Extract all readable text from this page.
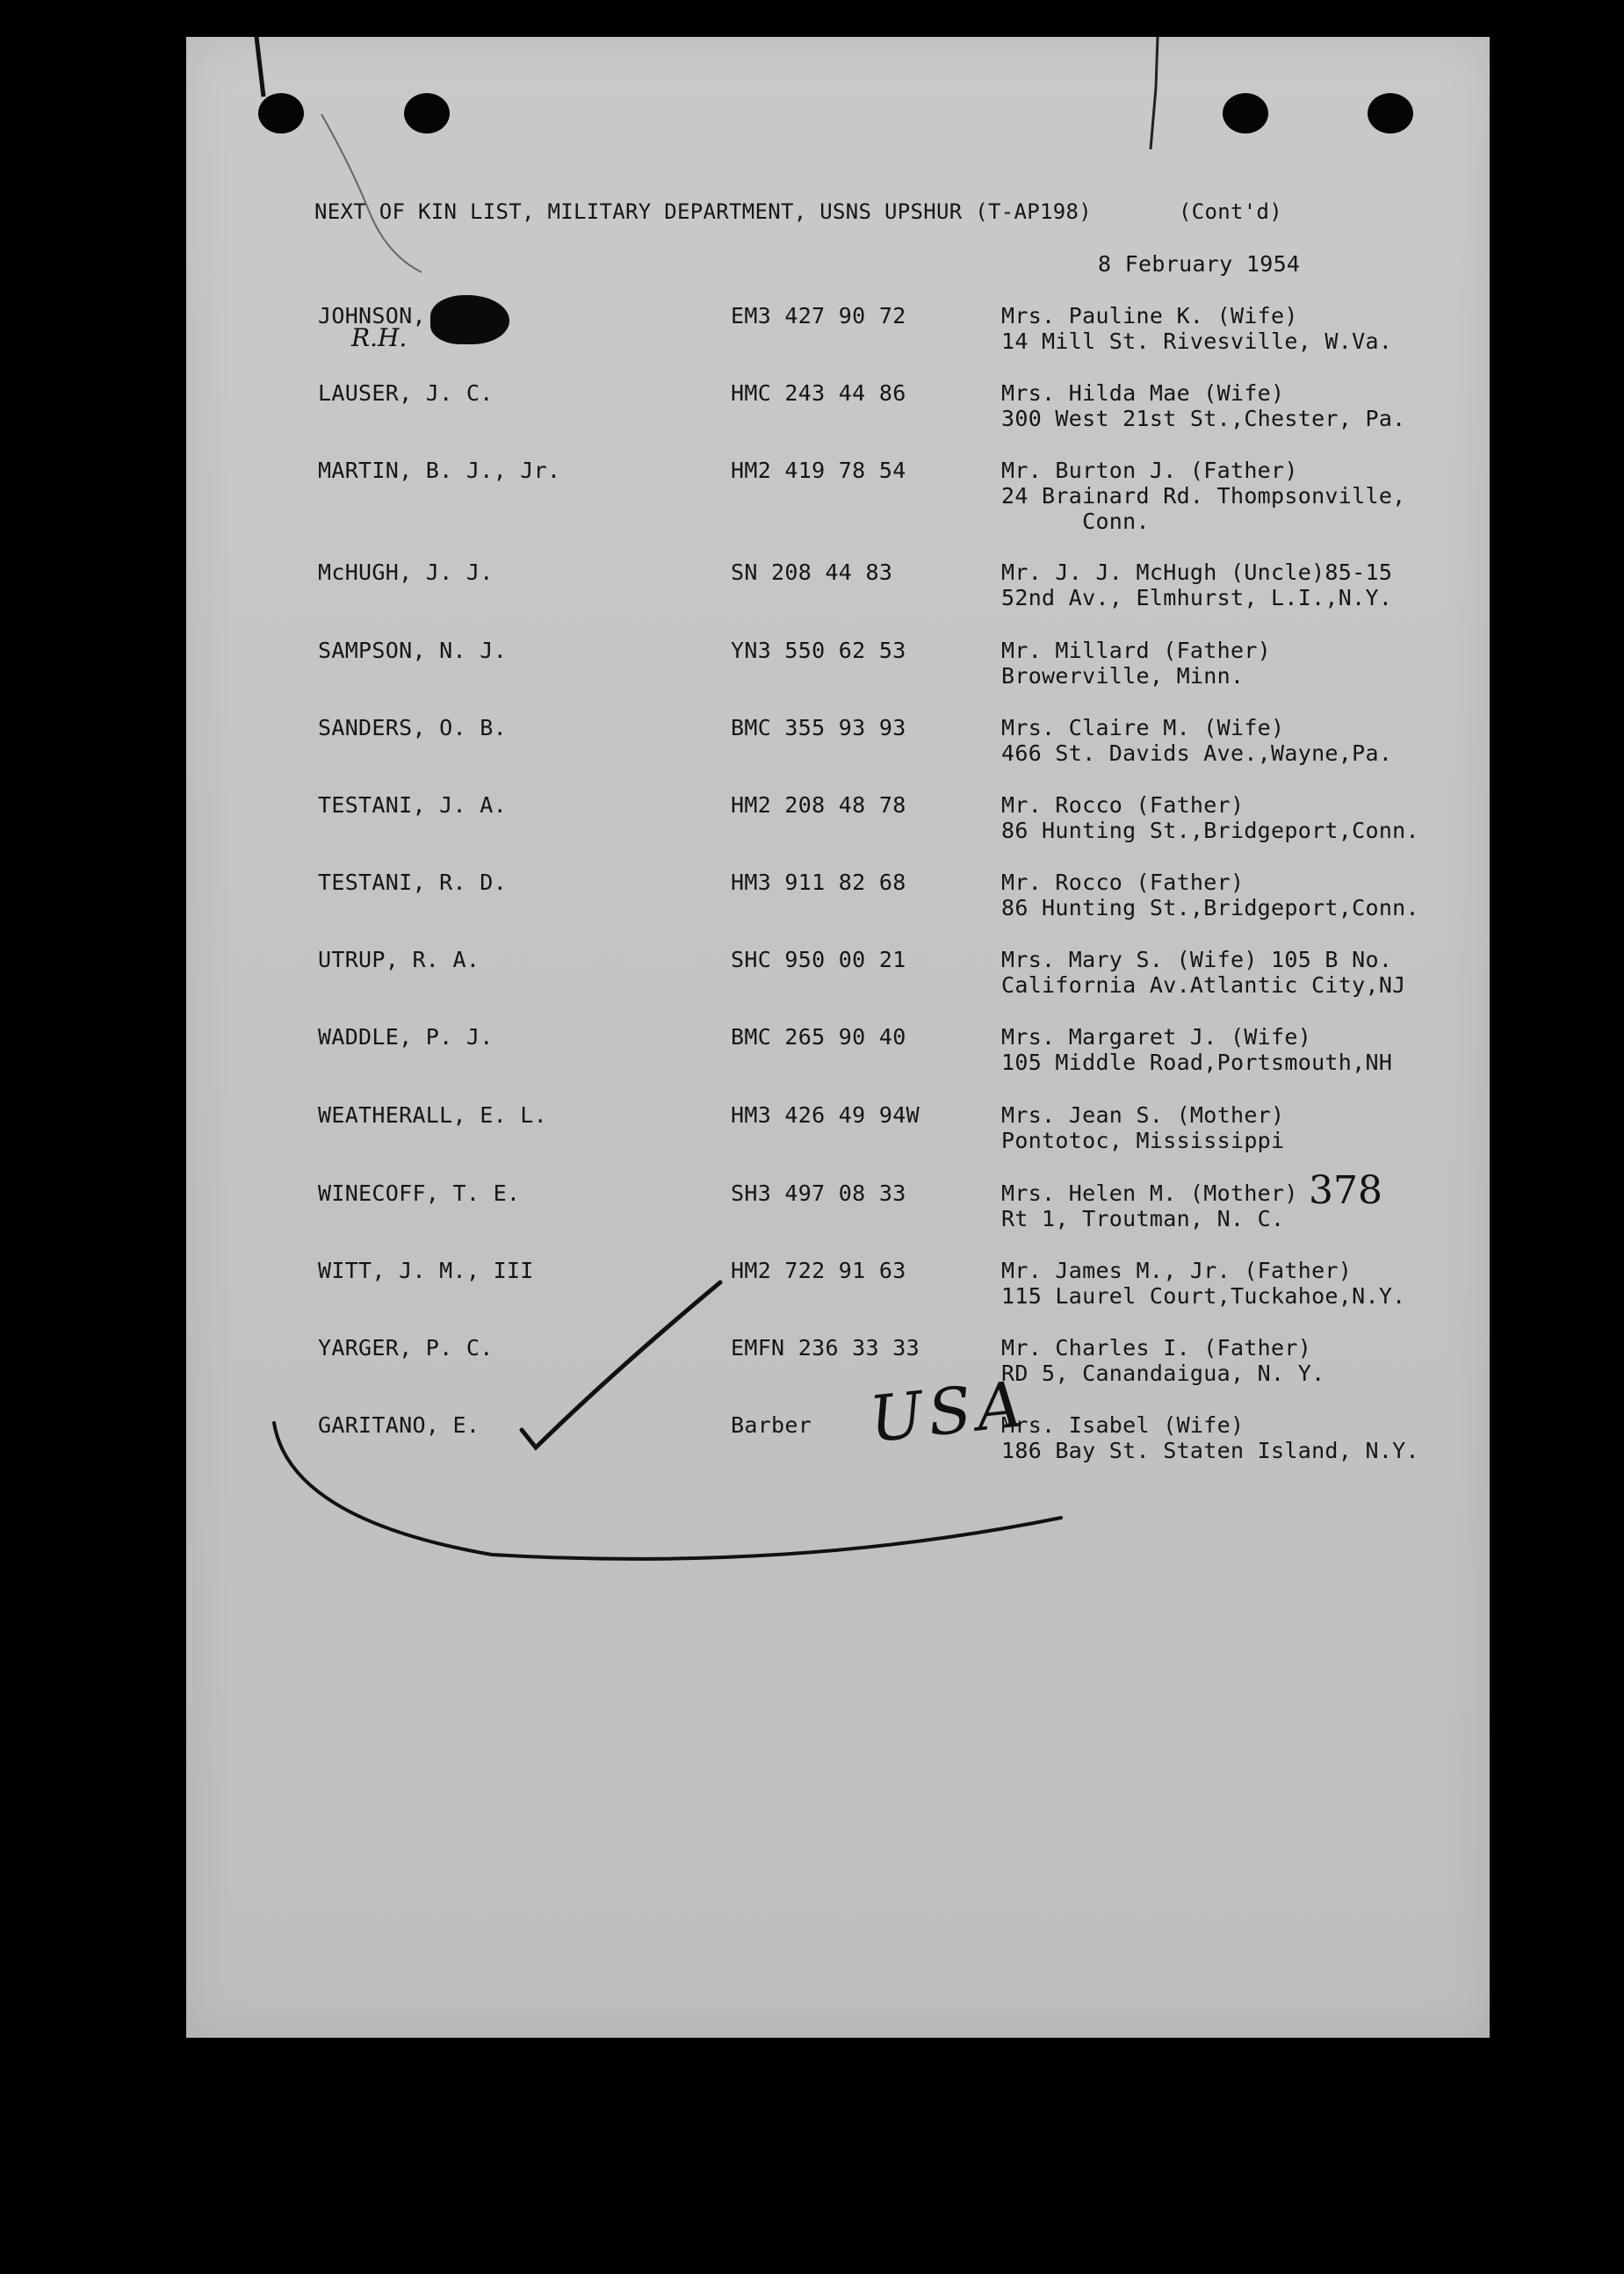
NEXT OF KIN LIST, MILITARY DEPARTMENT, USNS UPSHUR (T-AP198)	(Cont'd)
8 February 1954
JOHNSON,	EM3 427 90 72	Mrs. Pauline K. (Wife)
14 Mill St. Rivesville, W.Va.
LAUSER, J. C.	HMC 243 44 86	Mrs. Hilda Mae (Wife)
300 West 21st St.,Chester, Pa.
MARTIN, B. J., Jr.	HM2 419 78 54	Mr. Burton J. (Father)
24 Brainard Rd. Thompsonville,
Conn.
McHUGH, J. J.	SN 208 44 83	Mr. J. J. McHugh (Uncle)85-15
52nd Av., Elmhurst, L.I.,N.Y.
SAMPSON, N. J.	YN3 550 62 53	Mr. Millard (Father)
Browerville, Minn.
SANDERS, O. B.	BMC 355 93 93	Mrs. Claire M. (Wife)
466 St. Davids Ave.,Wayne,Pa.
TESTANI, J. A.	HM2 208 48 78	Mr. Rocco (Father)
86 Hunting St.,Bridgeport,Conn.
TESTANI, R. D.	HM3 911 82 68	Mr. Rocco (Father)
86 Hunting St.,Bridgeport,Conn.
UTRUP, R. A.	SHC 950 00 21	Mrs. Mary S. (Wife) 105 B No.
California Av.Atlantic City,NJ
WADDLE, P. J.	BMC 265 90 40	Mrs. Margaret J. (Wife)
105 Middle Road,Portsmouth,NH
WEATHERALL, E. L.	HM3 426 49 94W	Mrs. Jean S. (Mother)
Pontotoc, Mississippi
WINECOFF, T. E.	SH3 497 08 33	Mrs. Helen M. (Mother)
Rt 1, Troutman, N. C.
WITT, J. M., III	HM2 722 91 63	Mr. James M., Jr. (Father)
115 Laurel Court,Tuckahoe,N.Y.
YARGER, P. C.	EMFN 236 33 33	Mr. Charles I. (Father)
RD 5, Canandaigua, N. Y.
GARITANO, E.	Barber	Mrs. Isabel (Wife)
186 Bay St. Staten Island, N.Y.
R.H.
378
USA
